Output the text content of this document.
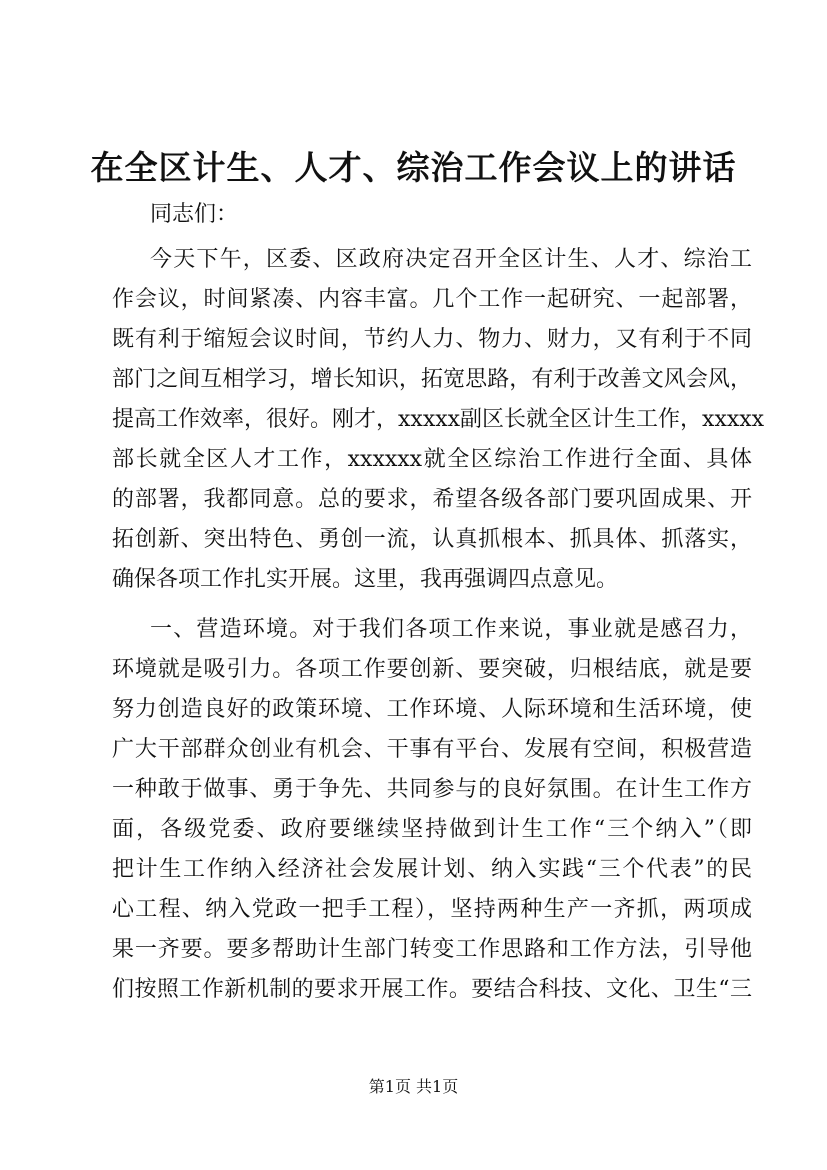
在全区计生、人才、综治工作会议上的讲话
同志们：
今天下午，区委、区政府决定召开全区计生、人才、综治工
作会议，时间紧凑、内容丰富。几个工作一起研究、一起部署，
既有利于缩短会议时间，节约人力、物力、财力，又有利于不同
部门之间互相学习，增长知识，拓宽思路，有利于改善文风会风，
提高工作效率，很好。刚才，xxxxx副区长就全区计生工作，xxxxx
部长就全区人才工作，xxxxxx就全区综治工作进行全面、具体
的部署，我都同意。总的要求，希望各级各部门要巩固成果、开
拓创新、突出特色、勇创一流，认真抓根本、抓具体、抓落实，
确保各项工作扎实开展。这里，我再强调四点意见。
一、营造环境。对于我们各项工作来说，事业就是感召力，
环境就是吸引力。各项工作要创新、要突破，归根结底，就是要
努力创造良好的政策环境、工作环境、人际环境和生活环境，使
广大干部群众创业有机会、干事有平台、发展有空间，积极营造
一种敢于做事、勇于争先、共同参与的良好氛围。在计生工作方
面，各级党委、政府要继续坚持做到计生工作“三个纳入”（即
把计生工作纳入经济社会发展计划、纳入实践“三个代表”的民
心工程、纳入党政一把手工程），坚持两种生产一齐抓，两项成
果一齐要。要多帮助计生部门转变工作思路和工作方法，引导他
们按照工作新机制的要求开展工作。要结合科技、文化、卫生“三
第1页 共1页
